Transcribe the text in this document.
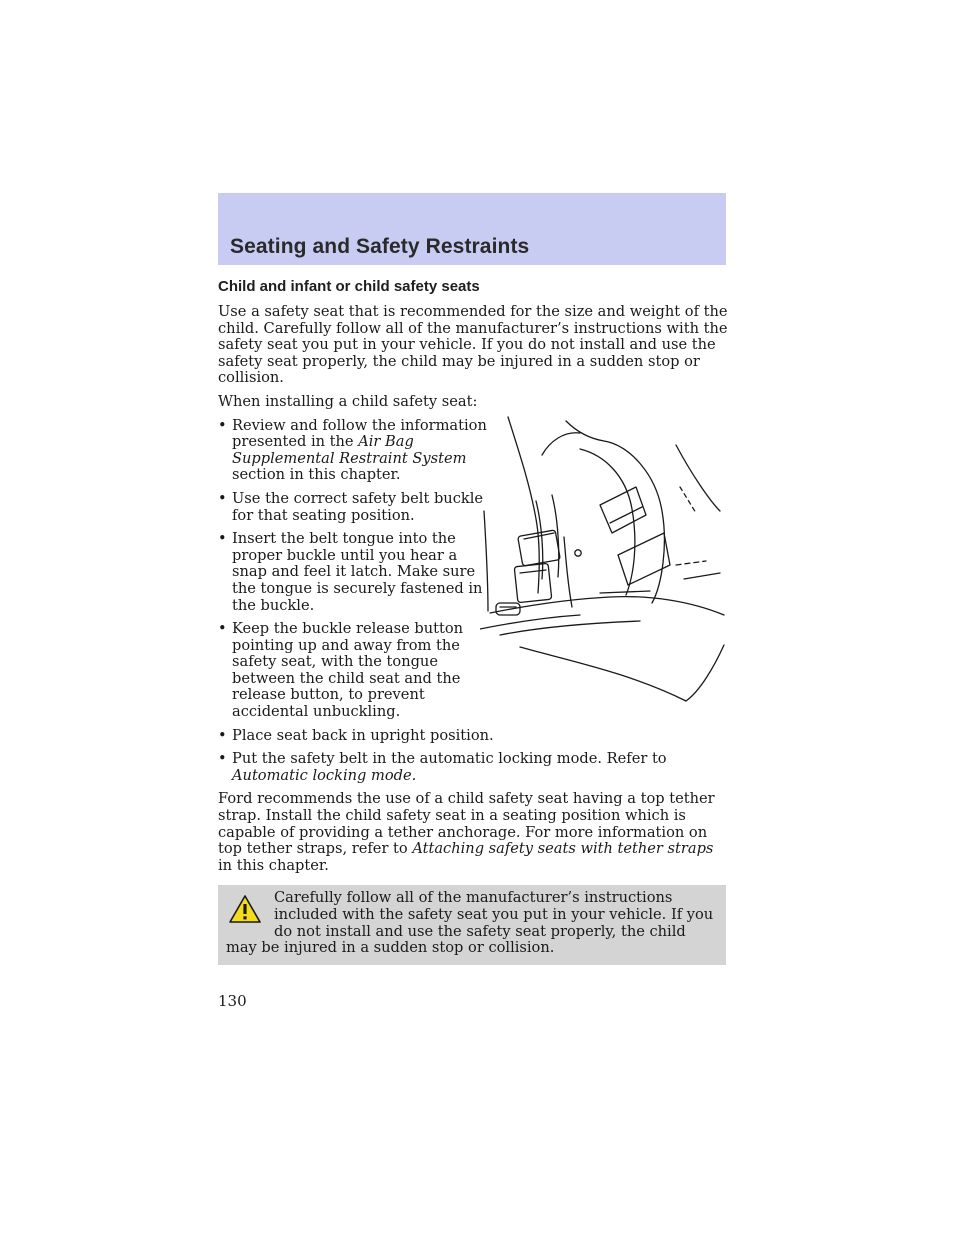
Seating and Safety Restraints
Child and infant or child safety seats

Use a safety seat that is recommended for the size and weight of the child. Carefully follow all of the manufacturer’s instructions with the safety seat you put in your vehicle. If you do not install and use the safety seat properly, the child may be injured in a sudden stop or collision.

When installing a child safety seat:

• Review and follow the information presented in the Air Bag Supplemental Restraint System section in this chapter.
• Use the correct safety belt buckle for that seating position.
• Insert the belt tongue into the proper buckle until you hear a snap and feel it latch. Make sure the tongue is securely fastened in the buckle.
• Keep the buckle release button pointing up and away from the safety seat, with the tongue between the child seat and the release button, to prevent accidental unbuckling.
• Place seat back in upright position.
• Put the safety belt in the automatic locking mode. Refer to Automatic locking mode.

Ford recommends the use of a child safety seat having a top tether strap. Install the child safety seat in a seating position which is capable of providing a tether anchorage. For more information on top tether straps, refer to Attaching safety seats with tether straps in this chapter.

Carefully follow all of the manufacturer’s instructions included with the safety seat you put in your vehicle. If you do not install and use the safety seat properly, the child may be injured in a sudden stop or collision.
130
